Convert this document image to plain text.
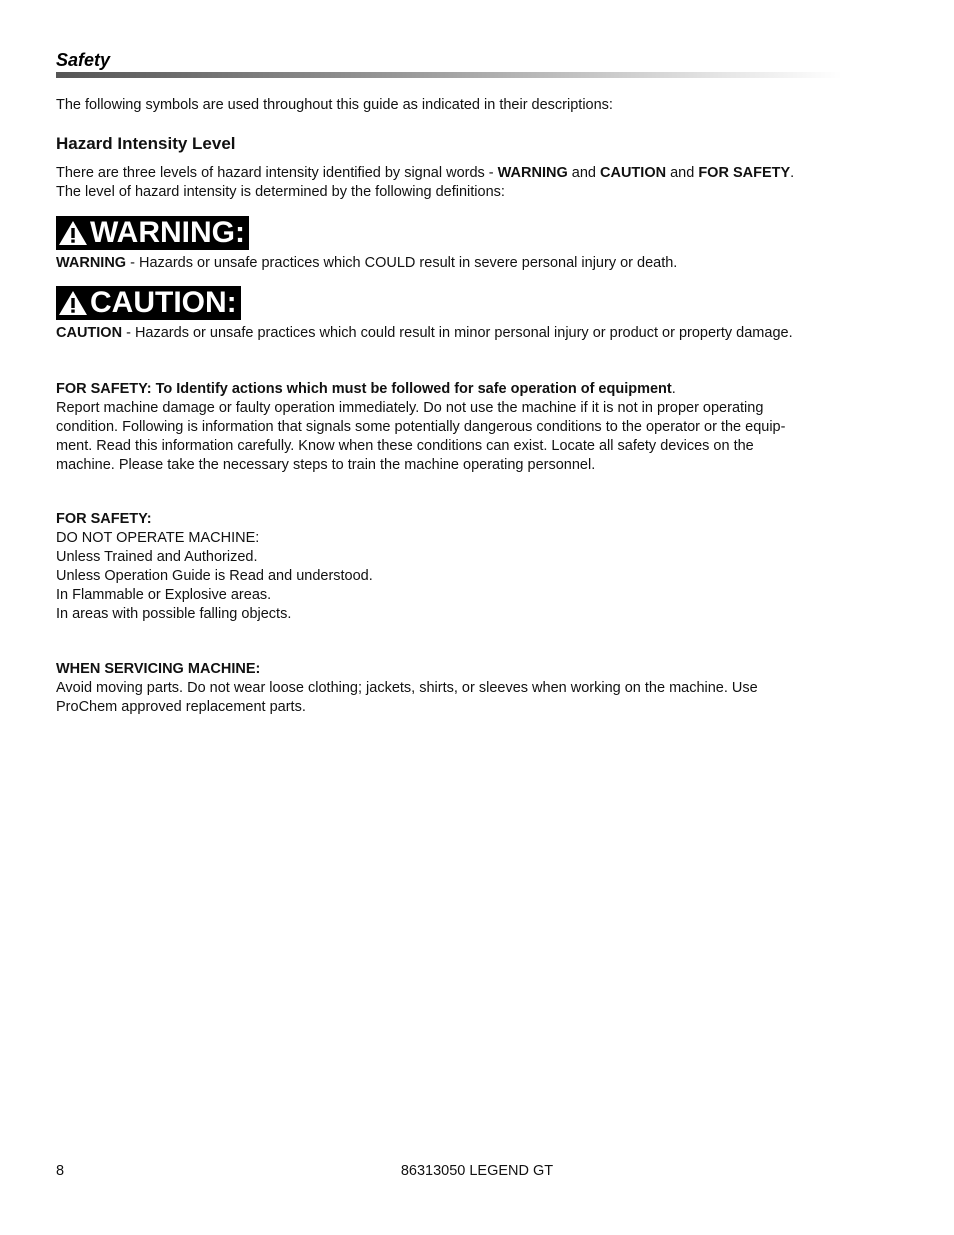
Safety
The following symbols are used throughout this guide as indicated in their descriptions:
Hazard Intensity Level
There are three levels of hazard intensity identified by signal words - WARNING and CAUTION and FOR SAFETY.
The level of hazard intensity is determined by the following definitions:
WARNING:
WARNING - Hazards or unsafe practices which COULD result in severe personal injury or death.
CAUTION:
CAUTION - Hazards or unsafe practices which could result in minor personal injury or product or property damage.
FOR SAFETY: To Identify actions which must be followed for safe operation of equipment.
Report machine damage or faulty operation immediately. Do not use the machine if it is not in proper operating
condition. Following is information that signals some potentially dangerous conditions to the operator or the equip-
ment. Read this information carefully. Know when these conditions can exist. Locate all safety devices on the
machine. Please take the necessary steps to train the machine operating personnel.
FOR SAFETY:
DO NOT OPERATE MACHINE:
Unless Trained and Authorized.
Unless Operation Guide is Read and understood.
In Flammable or Explosive areas.
In areas with possible falling objects.
WHEN SERVICING MACHINE:
Avoid moving parts. Do not wear loose clothing; jackets, shirts, or sleeves when working on the machine. Use
ProChem approved replacement parts.
8	86313050 LEGEND GT
